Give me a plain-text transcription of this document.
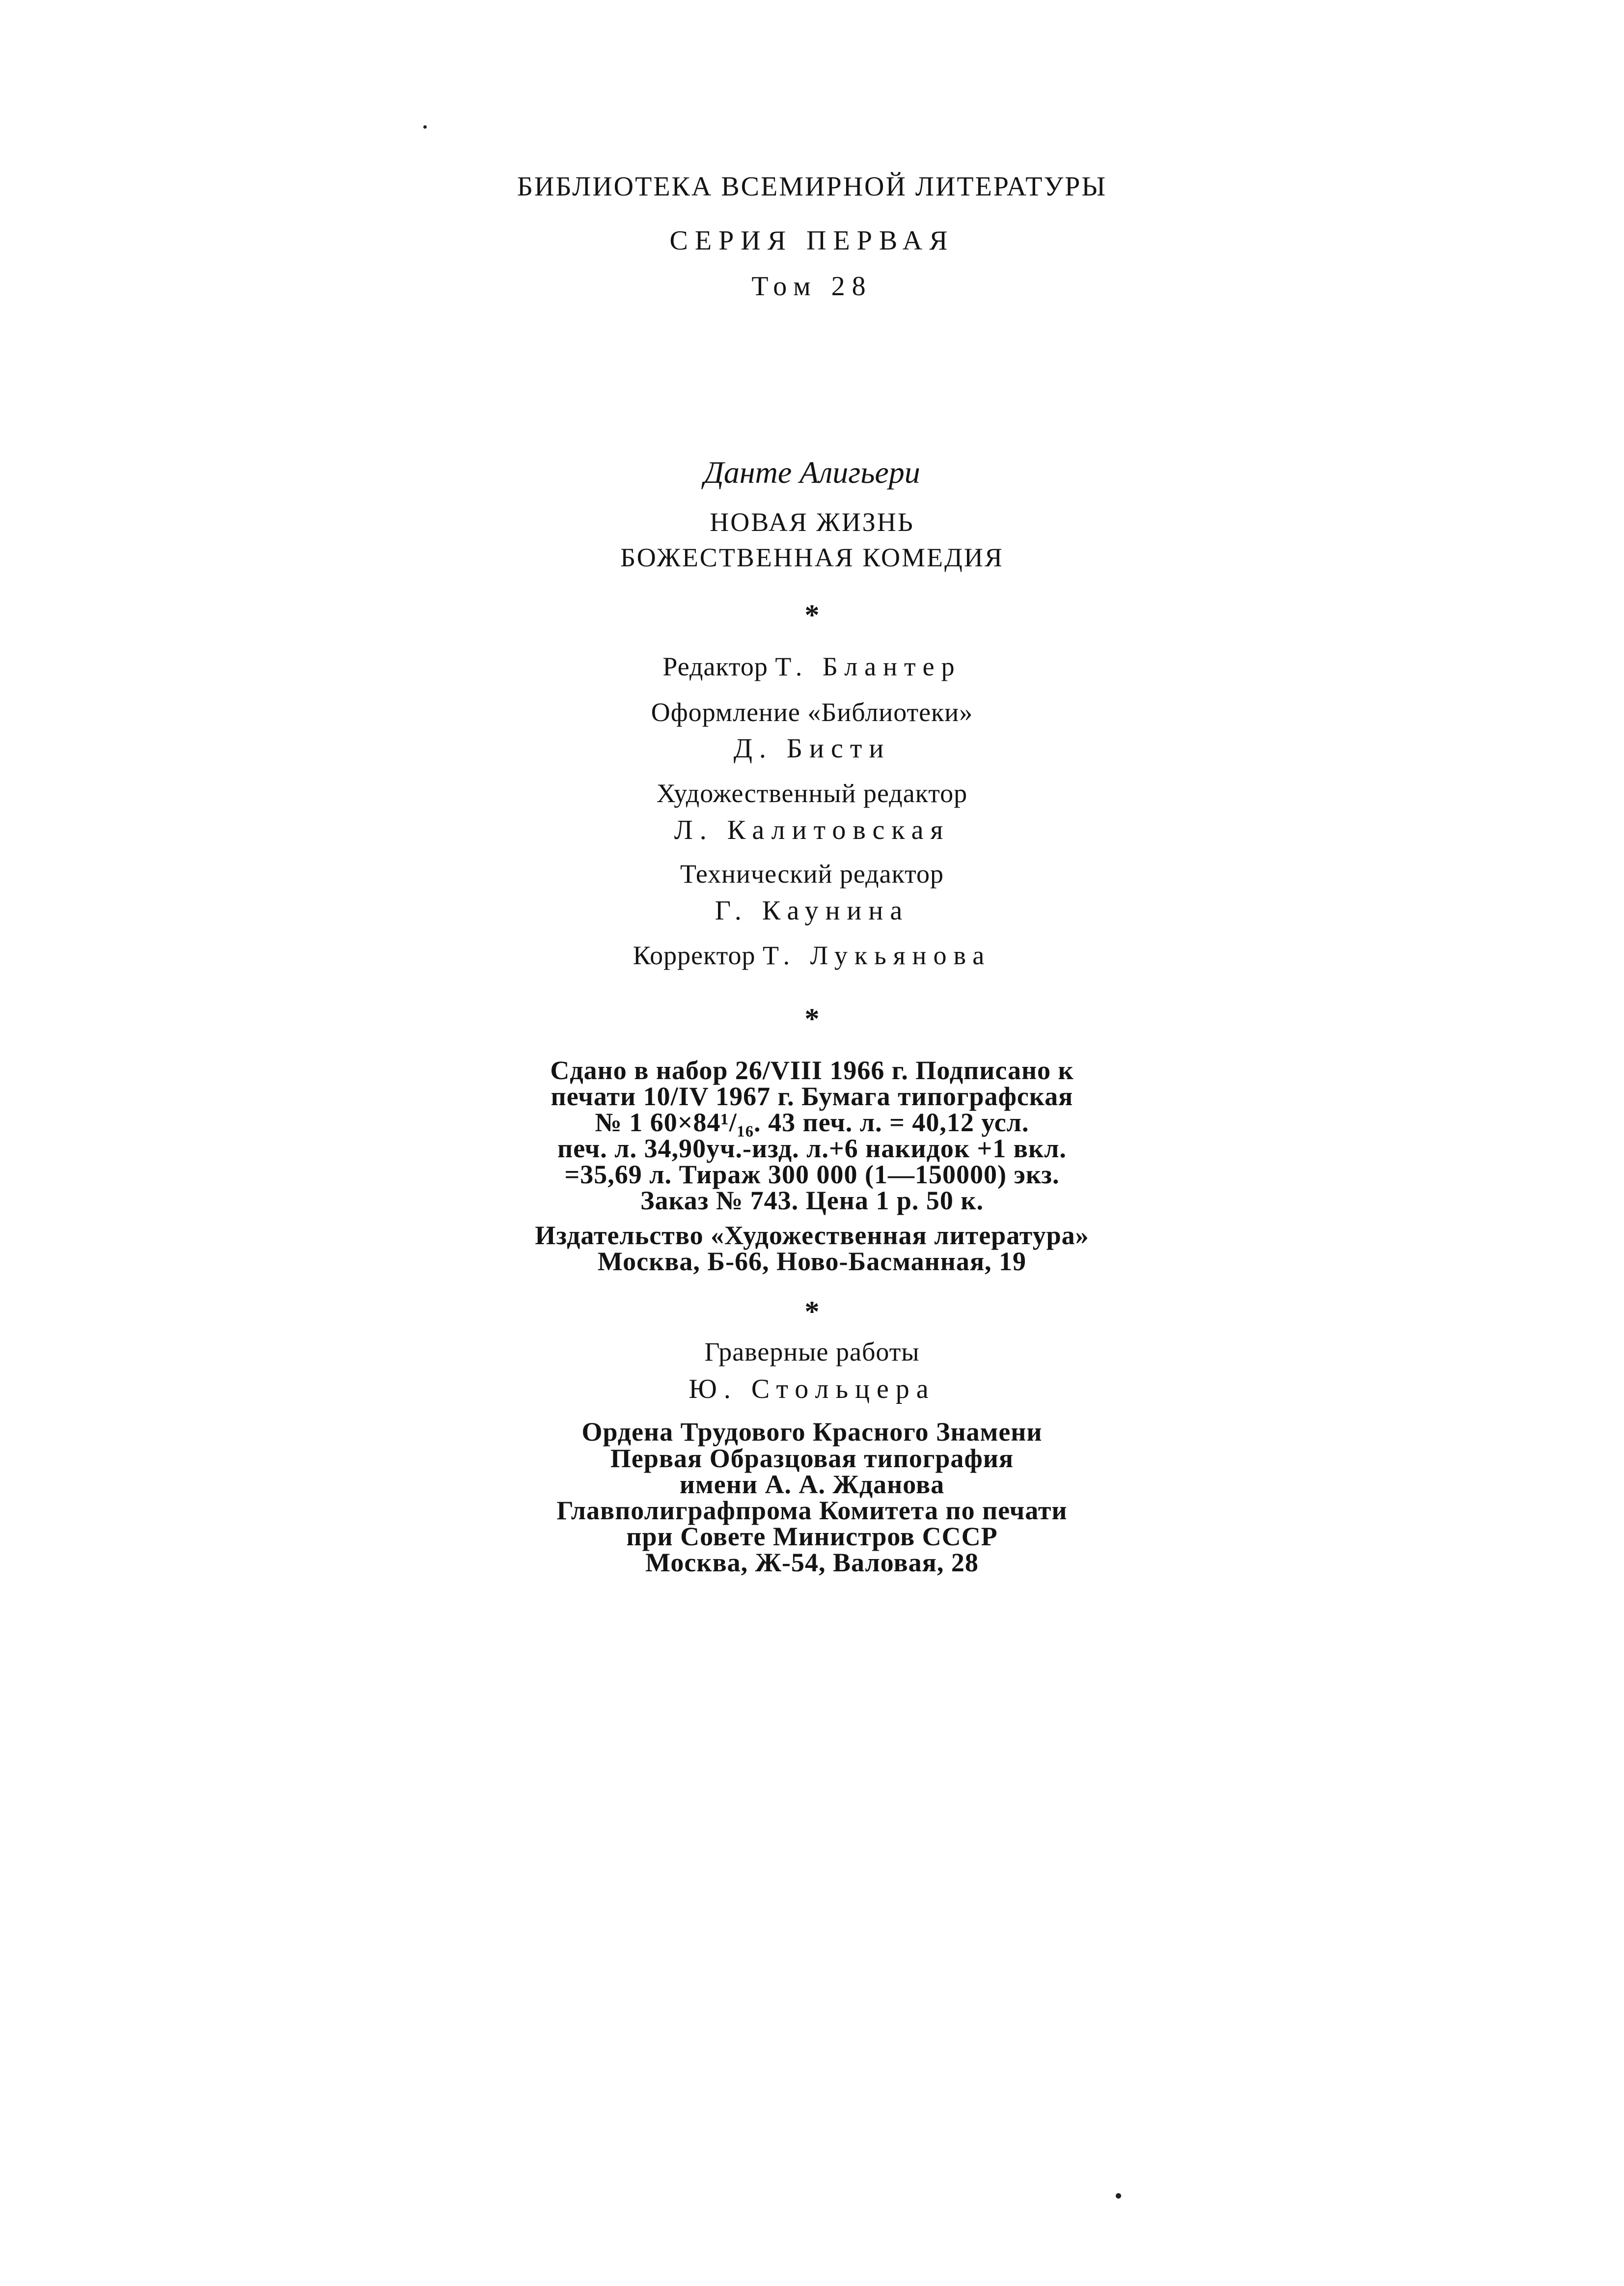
БИБЛИОТЕКА ВСЕМИРНОЙ ЛИТЕРАТУРЫ
СЕРИЯ ПЕРВАЯ
Том 28
Данте Алигьери
НОВАЯ ЖИЗНЬ
БОЖЕСТВЕННАЯ КОМЕДИЯ
*
Редактор Т. Блантер
Оформление «Библиотеки»
Д. Бисти
Художественный редактор
Л. Калитовская
Технический редактор
Г. Каунина
Корректор Т. Лукьянова
*
Сдано в набор 26/VIII 1966 г. Подписано к
печати 10/IV 1967 г. Бумага типографская
№ 1 60×84¹/₁₆. 43 печ. л. = 40,12 усл.
печ. л. 34,90уч.-изд. л.+6 накидок +1 вкл.
=35,69 л. Тираж 300 000 (1—150000) экз.
Заказ № 743. Цена 1 р. 50 к.
Издательство «Художественная литература»
Москва, Б-66, Ново-Басманная, 19
*
Граверные работы
Ю. Стольцера
Ордена Трудового Красного Знамени
Первая Образцовая типография
имени А. А. Жданова
Главполиграфпрома Комитета по печати
при Совете Министров СССР
Москва, Ж-54, Валовая, 28
